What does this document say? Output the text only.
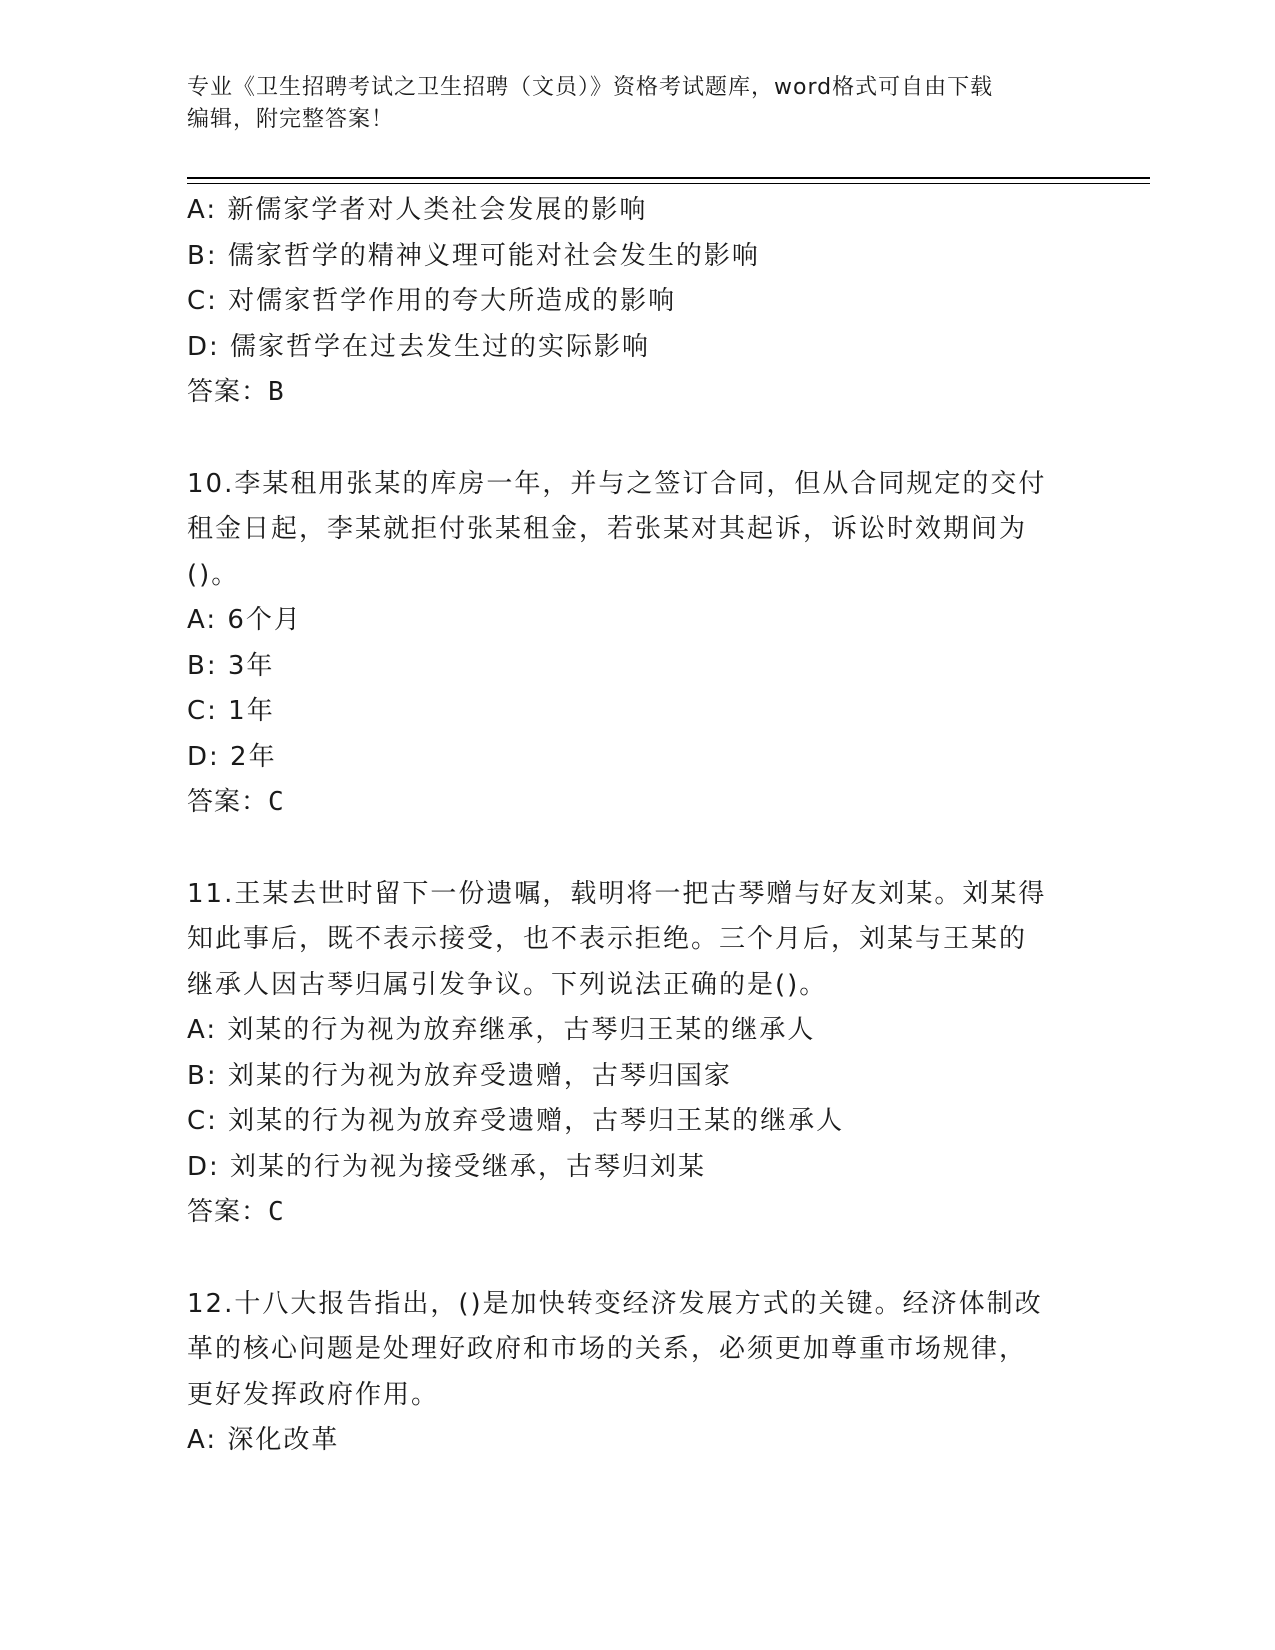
专业《卫生招聘考试之卫生招聘（文员）》资格考试题库，word格式可自由下载
编辑，附完整答案！
A: 新儒家学者对人类社会发展的影响
B: 儒家哲学的精神义理可能对社会发生的影响
C: 对儒家哲学作用的夸大所造成的影响
D: 儒家哲学在过去发生过的实际影响
答案：B
10.李某租用张某的库房一年，并与之签订合同，但从合同规定的交付
租金日起，李某就拒付张某租金，若张某对其起诉，诉讼时效期间为
()。
A: 6个月
B: 3年
C: 1年
D: 2年
答案：C
11.王某去世时留下一份遗嘱，载明将一把古琴赠与好友刘某。刘某得
知此事后，既不表示接受，也不表示拒绝。三个月后，刘某与王某的
继承人因古琴归属引发争议。下列说法正确的是()。
A: 刘某的行为视为放弃继承，古琴归王某的继承人
B: 刘某的行为视为放弃受遗赠，古琴归国家
C: 刘某的行为视为放弃受遗赠，古琴归王某的继承人
D: 刘某的行为视为接受继承，古琴归刘某
答案：C
12.十八大报告指出，()是加快转变经济发展方式的关键。经济体制改
革的核心问题是处理好政府和市场的关系，必须更加尊重市场规律，
更好发挥政府作用。
A: 深化改革
